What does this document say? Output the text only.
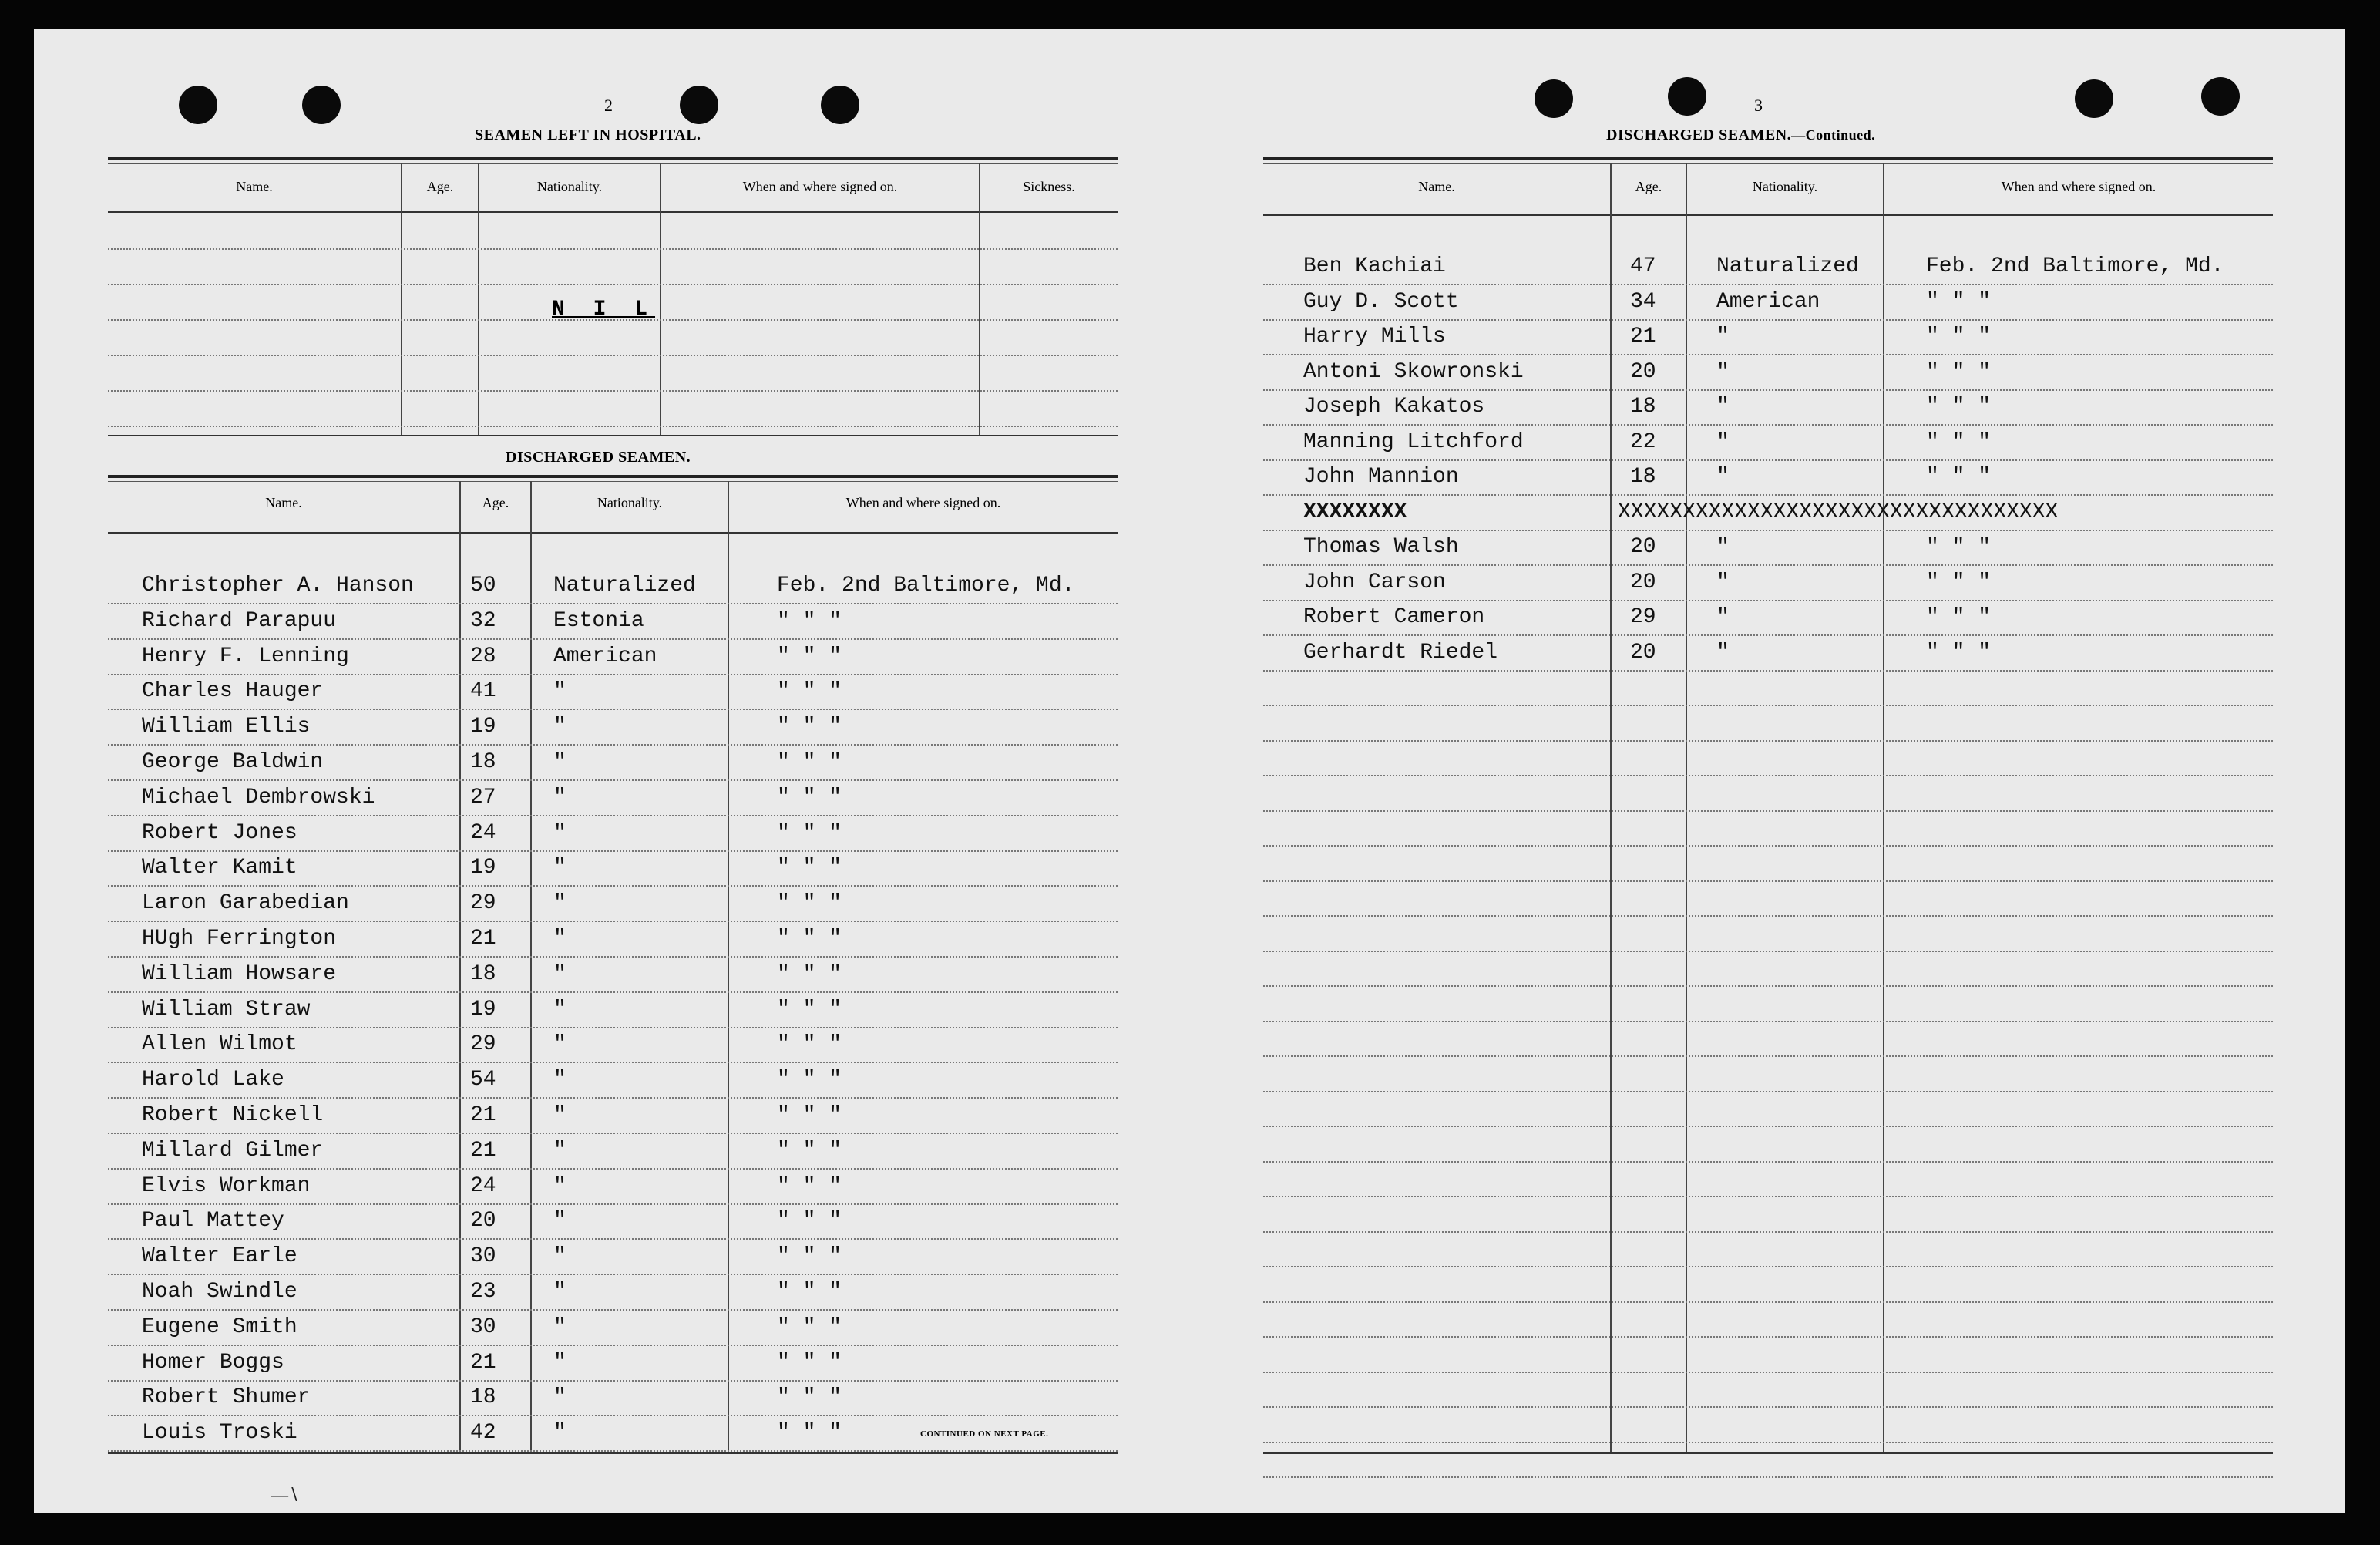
2
SEAMEN LEFT IN HOSPITAL.
Name.	Age.	Nationality.	When and where signed on.	Sickness.
N I L
DISCHARGED SEAMEN.
Name.	Age.	Nationality.	When and where signed on.
Christopher A. Hanson	50	Naturalized	Feb. 2nd Baltimore, Md.
Richard Parapuu	32	Estonia	" " "
Henry F. Lenning	28	American	" " "
Charles Hauger	41	"	" " "
William Ellis	19	"	" " "
George Baldwin	18	"	" " "
Michael Dembrowski	27	"	" " "
Robert Jones	24	"	" " "
Walter Kamit	19	"	" " "
Laron Garabedian	29	"	" " "
HUgh Ferrington	21	"	" " "
William Howsare	18	"	" " "
William Straw	19	"	" " "
Allen Wilmot	29	"	" " "
Harold Lake	54	"	" " "
Robert Nickell	21	"	" " "
Millard Gilmer	21	"	" " "
Elvis Workman	24	"	" " "
Paul Mattey	20	"	" " "
Walter Earle	30	"	" " "
Noah Swindle	23	"	" " "
Eugene Smith	30	"	" " "
Homer Boggs	21	"	" " "
Robert Shumer	18	"	" " "
Louis Troski	42	"	" " "	CONTINUED ON NEXT PAGE.
—∖
3
DISCHARGED SEAMEN.—Continued.
Name.	Age.	Nationality.	When and where signed on.
Ben Kachiai	47	Naturalized	Feb. 2nd Baltimore, Md.
Guy D. Scott	34	American	" " "
Harry Mills	21	"	" " "
Antoni Skowronski	20	"	" " "
Joseph Kakatos	18	"	" " "
Manning Litchford	22	"	" " "
John Mannion	18	"	" " "
XXXXXXXX	XXXXXXXXXXXXXXXXXXXXXXXXXXXXXXXXXX
Thomas Walsh	20	"	" " "
John Carson	20	"	" " "
Robert Cameron	29	"	" " "
Gerhardt Riedel	20	"	" " "
